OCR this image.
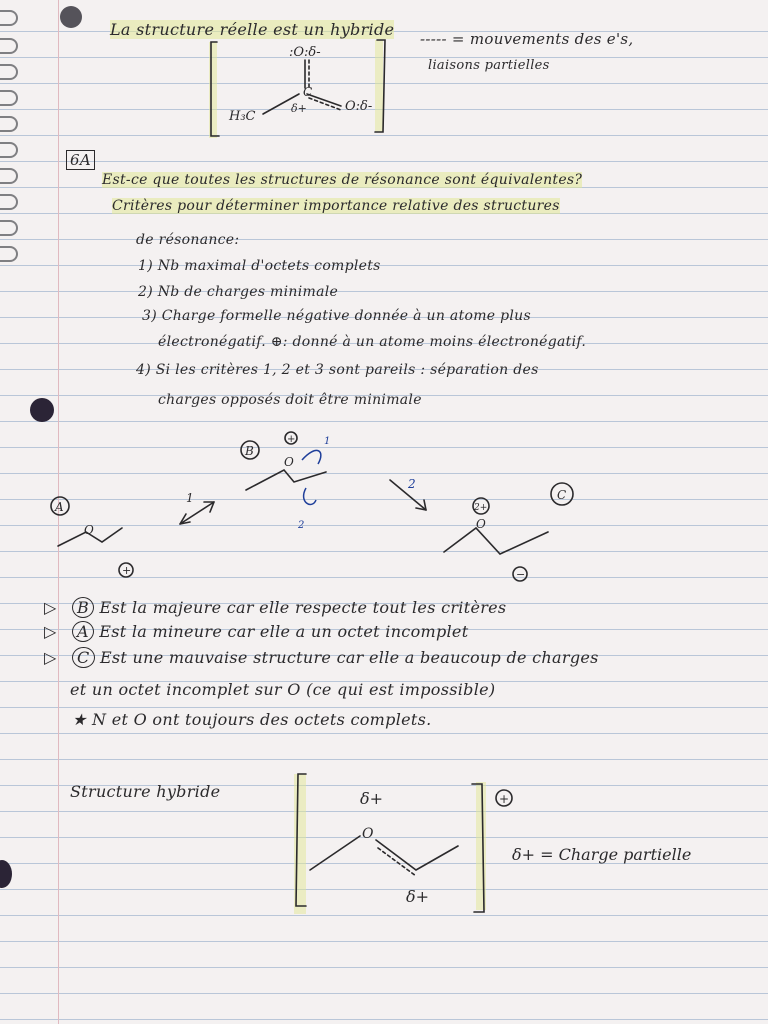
La structure réelle est un hybride ----- = mouvements des e's,
liaisons partielles
H₃C
C
:O:δ-
O:δ-
δ+
6A
Est-ce que toutes les structures de résonance sont équivalentes?
Critères pour déterminer importance relative des structures
de résonance:
1) Nb maximal d'octets complets
2) Nb de charges minimale
3) Charge formelle négative donnée à un atome plus
électronégatif. ⊕: donné à un atome moins électronégatif.
4) Si les critères 1, 2 et 3 sont pareils : séparation des
charges opposés doit être minimale
A
O
+
1
B
O
+	1
2
2
C
O
2+
−
▷ B Est la majeure car elle respecte tout les critères
▷ A Est la mineure car elle a un octet incomplet
▷ C Est une mauvaise structure car elle a beaucoup de charges
et un octet incomplet sur O (ce qui est impossible)
★ N et O ont toujours des octets complets.
Structure hybride	δ+
O
δ+
+
δ+ = Charge partielle
